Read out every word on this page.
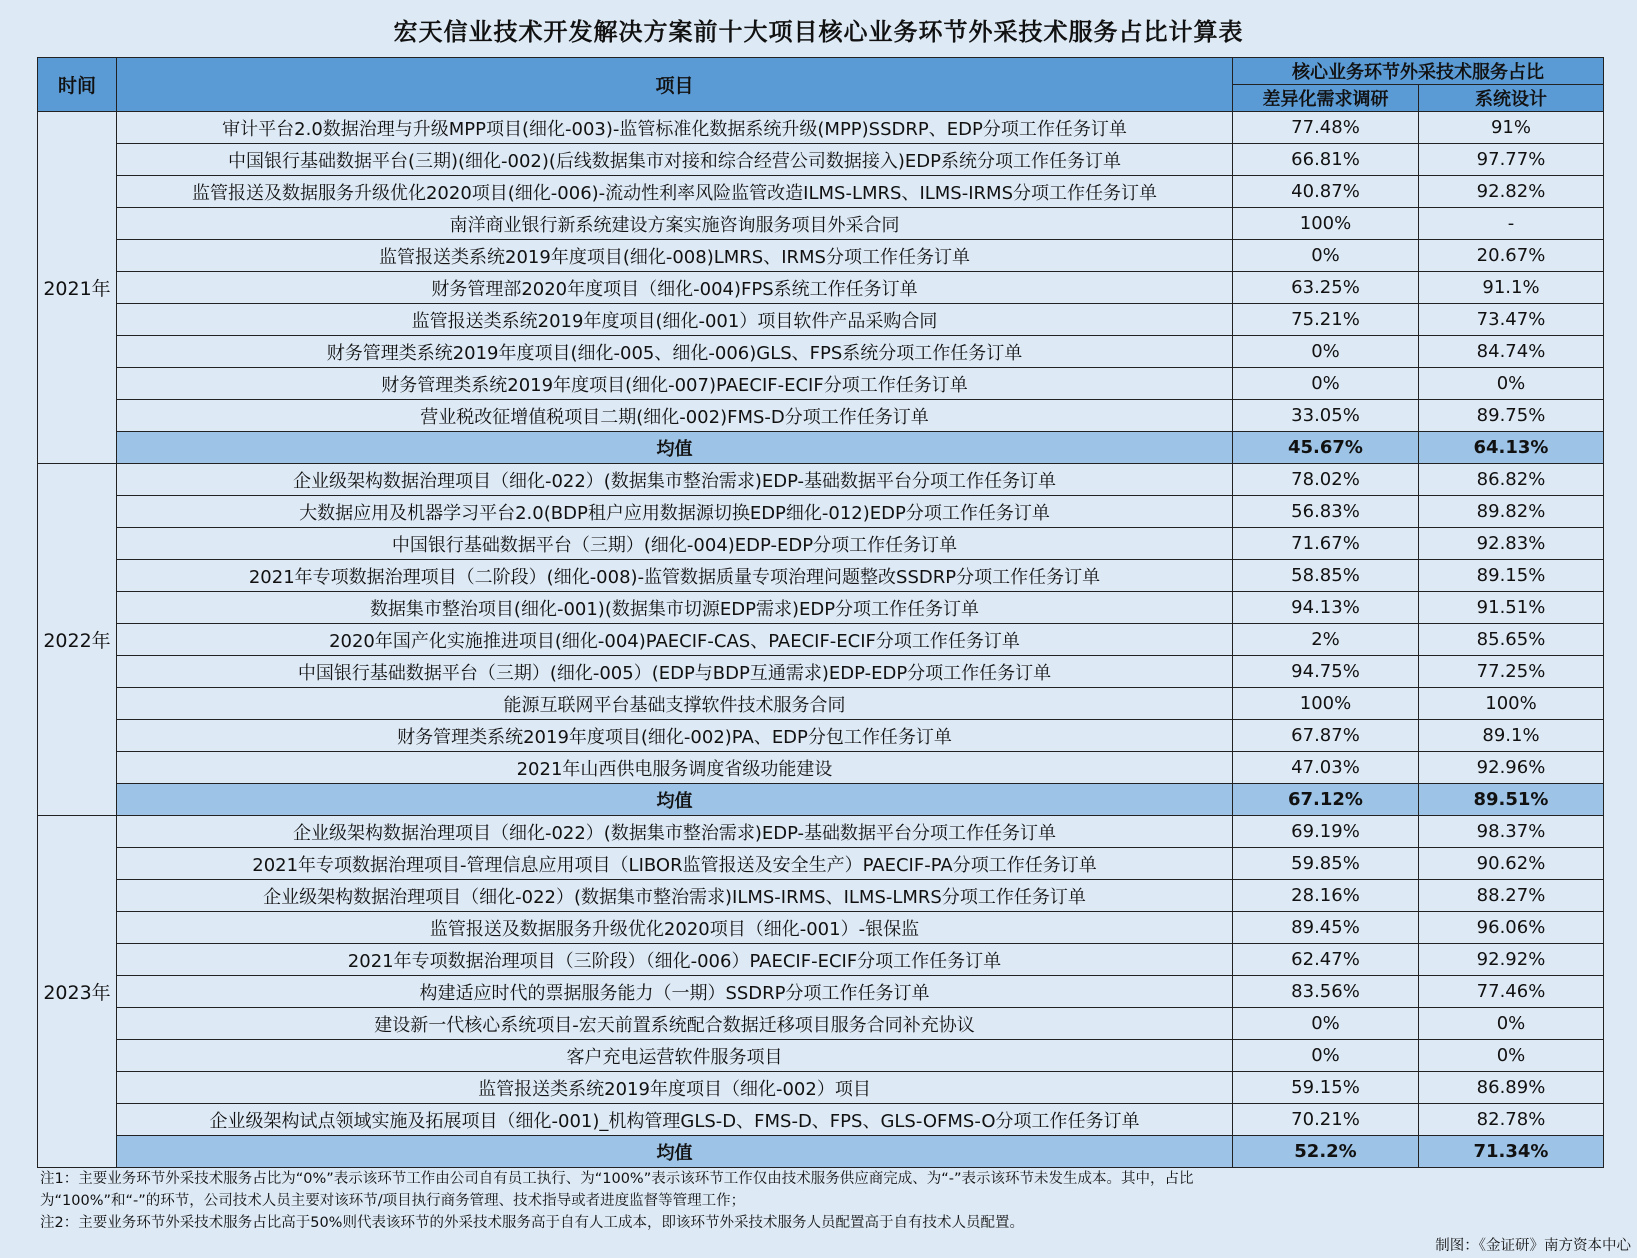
宏天信业技术开发解决方案前十大项目核心业务环节外采技术服务占比计算表
时间	项目	核心业务环节外采技术服务占比	
		差异化需求调研	系统设计
2021年	审计平台2.0数据治理与升级MPP项目(细化-003)-监管标准化数据系统升级(MPP)SSDRP、EDP分项工作任务订单	77.48%	91%
	中国银行基础数据平台(三期)(细化-002)(后线数据集市对接和综合经营公司数据接入)EDP系统分项工作任务订单	66.81%	97.77%
	监管报送及数据服务升级优化2020项目(细化-006)-流动性利率风险监管改造ILMS-LMRS、ILMS-IRMS分项工作任务订单	40.87%	92.82%
	南洋商业银行新系统建设方案实施咨询服务项目外采合同	100%	-
	监管报送类系统2019年度项目(细化-008)LMRS、IRMS分项工作任务订单	0%	20.67%
	财务管理部2020年度项目（细化-004)FPS系统工作任务订单	63.25%	91.1%
	监管报送类系统2019年度项目(细化-001）项目软件产品采购合同	75.21%	73.47%
	财务管理类系统2019年度项目(细化-005、细化-006)GLS、FPS系统分项工作任务订单	0%	84.74%
	财务管理类系统2019年度项目(细化-007)PAECIF-ECIF分项工作任务订单	0%	0%
	营业税改征增值税项目二期(细化-002)FMS-D分项工作任务订单	33.05%	89.75%
	均值	45.67%	64.13%
2022年	企业级架构数据治理项目（细化-022）(数据集市整治需求)EDP-基础数据平台分项工作任务订单	78.02%	86.82%
	大数据应用及机器学习平台2.0(BDP租户应用数据源切换EDP细化-012)EDP分项工作任务订单	56.83%	89.82%
	中国银行基础数据平台（三期）(细化-004)EDP-EDP分项工作任务订单	71.67%	92.83%
	2021年专项数据治理项目（二阶段）(细化-008)-监管数据质量专项治理问题整改SSDRP分项工作任务订单	58.85%	89.15%
	数据集市整治项目(细化-001)(数据集市切源EDP需求)EDP分项工作任务订单	94.13%	91.51%
	2020年国产化实施推进项目(细化-004)PAECIF-CAS、PAECIF-ECIF分项工作任务订单	2%	85.65%
	中国银行基础数据平台（三期）(细化-005）(EDP与BDP互通需求)EDP-EDP分项工作任务订单	94.75%	77.25%
	能源互联网平台基础支撑软件技术服务合同	100%	100%
	财务管理类系统2019年度项目(细化-002)PA、EDP分包工作任务订单	67.87%	89.1%
	2021年山西供电服务调度省级功能建设	47.03%	92.96%
	均值	67.12%	89.51%
2023年	企业级架构数据治理项目（细化-022）(数据集市整治需求)EDP-基础数据平台分项工作任务订单	69.19%	98.37%
	2021年专项数据治理项目-管理信息应用项目（LIBOR监管报送及安全生产）PAECIF-PA分项工作任务订单	59.85%	90.62%
	企业级架构数据治理项目（细化-022）(数据集市整治需求)ILMS-IRMS、ILMS-LMRS分项工作任务订单	28.16%	88.27%
	监管报送及数据服务升级优化2020项目（细化-001）-银保监	89.45%	96.06%
	2021年专项数据治理项目（三阶段）（细化-006）PAECIF-ECIF分项工作任务订单	62.47%	92.92%
	构建适应时代的票据服务能力（一期）SSDRP分项工作任务订单	83.56%	77.46%
	建设新一代核心系统项目-宏天前置系统配合数据迁移项目服务合同补充协议	0%	0%
	客户充电运营软件服务项目	0%	0%
	监管报送类系统2019年度项目（细化-002）项目	59.15%	86.89%
	企业级架构试点领域实施及拓展项目（细化-001)_机构管理GLS-D、FMS-D、FPS、GLS-OFMS-O分项工作任务订单	70.21%	82.78%
	均值	52.2%	71.34%
注1：主要业务环节外采技术服务占比为“0%”表示该环节工作由公司自有员工执行、为“100%”表示该环节工作仅由技术服务供应商完成、为“-”表示该环节未发生成本。其中，占比为“100%”和“-”的环节，公司技术人员主要对该环节/项目执行商务管理、技术指导或者进度监督等管理工作；
注2：主要业务环节外采技术服务占比高于50%则代表该环节的外采技术服务高于自有人工成本，即该环节外采技术服务人员配置高于自有技术人员配置。
制图：《金证研》南方资本中心
